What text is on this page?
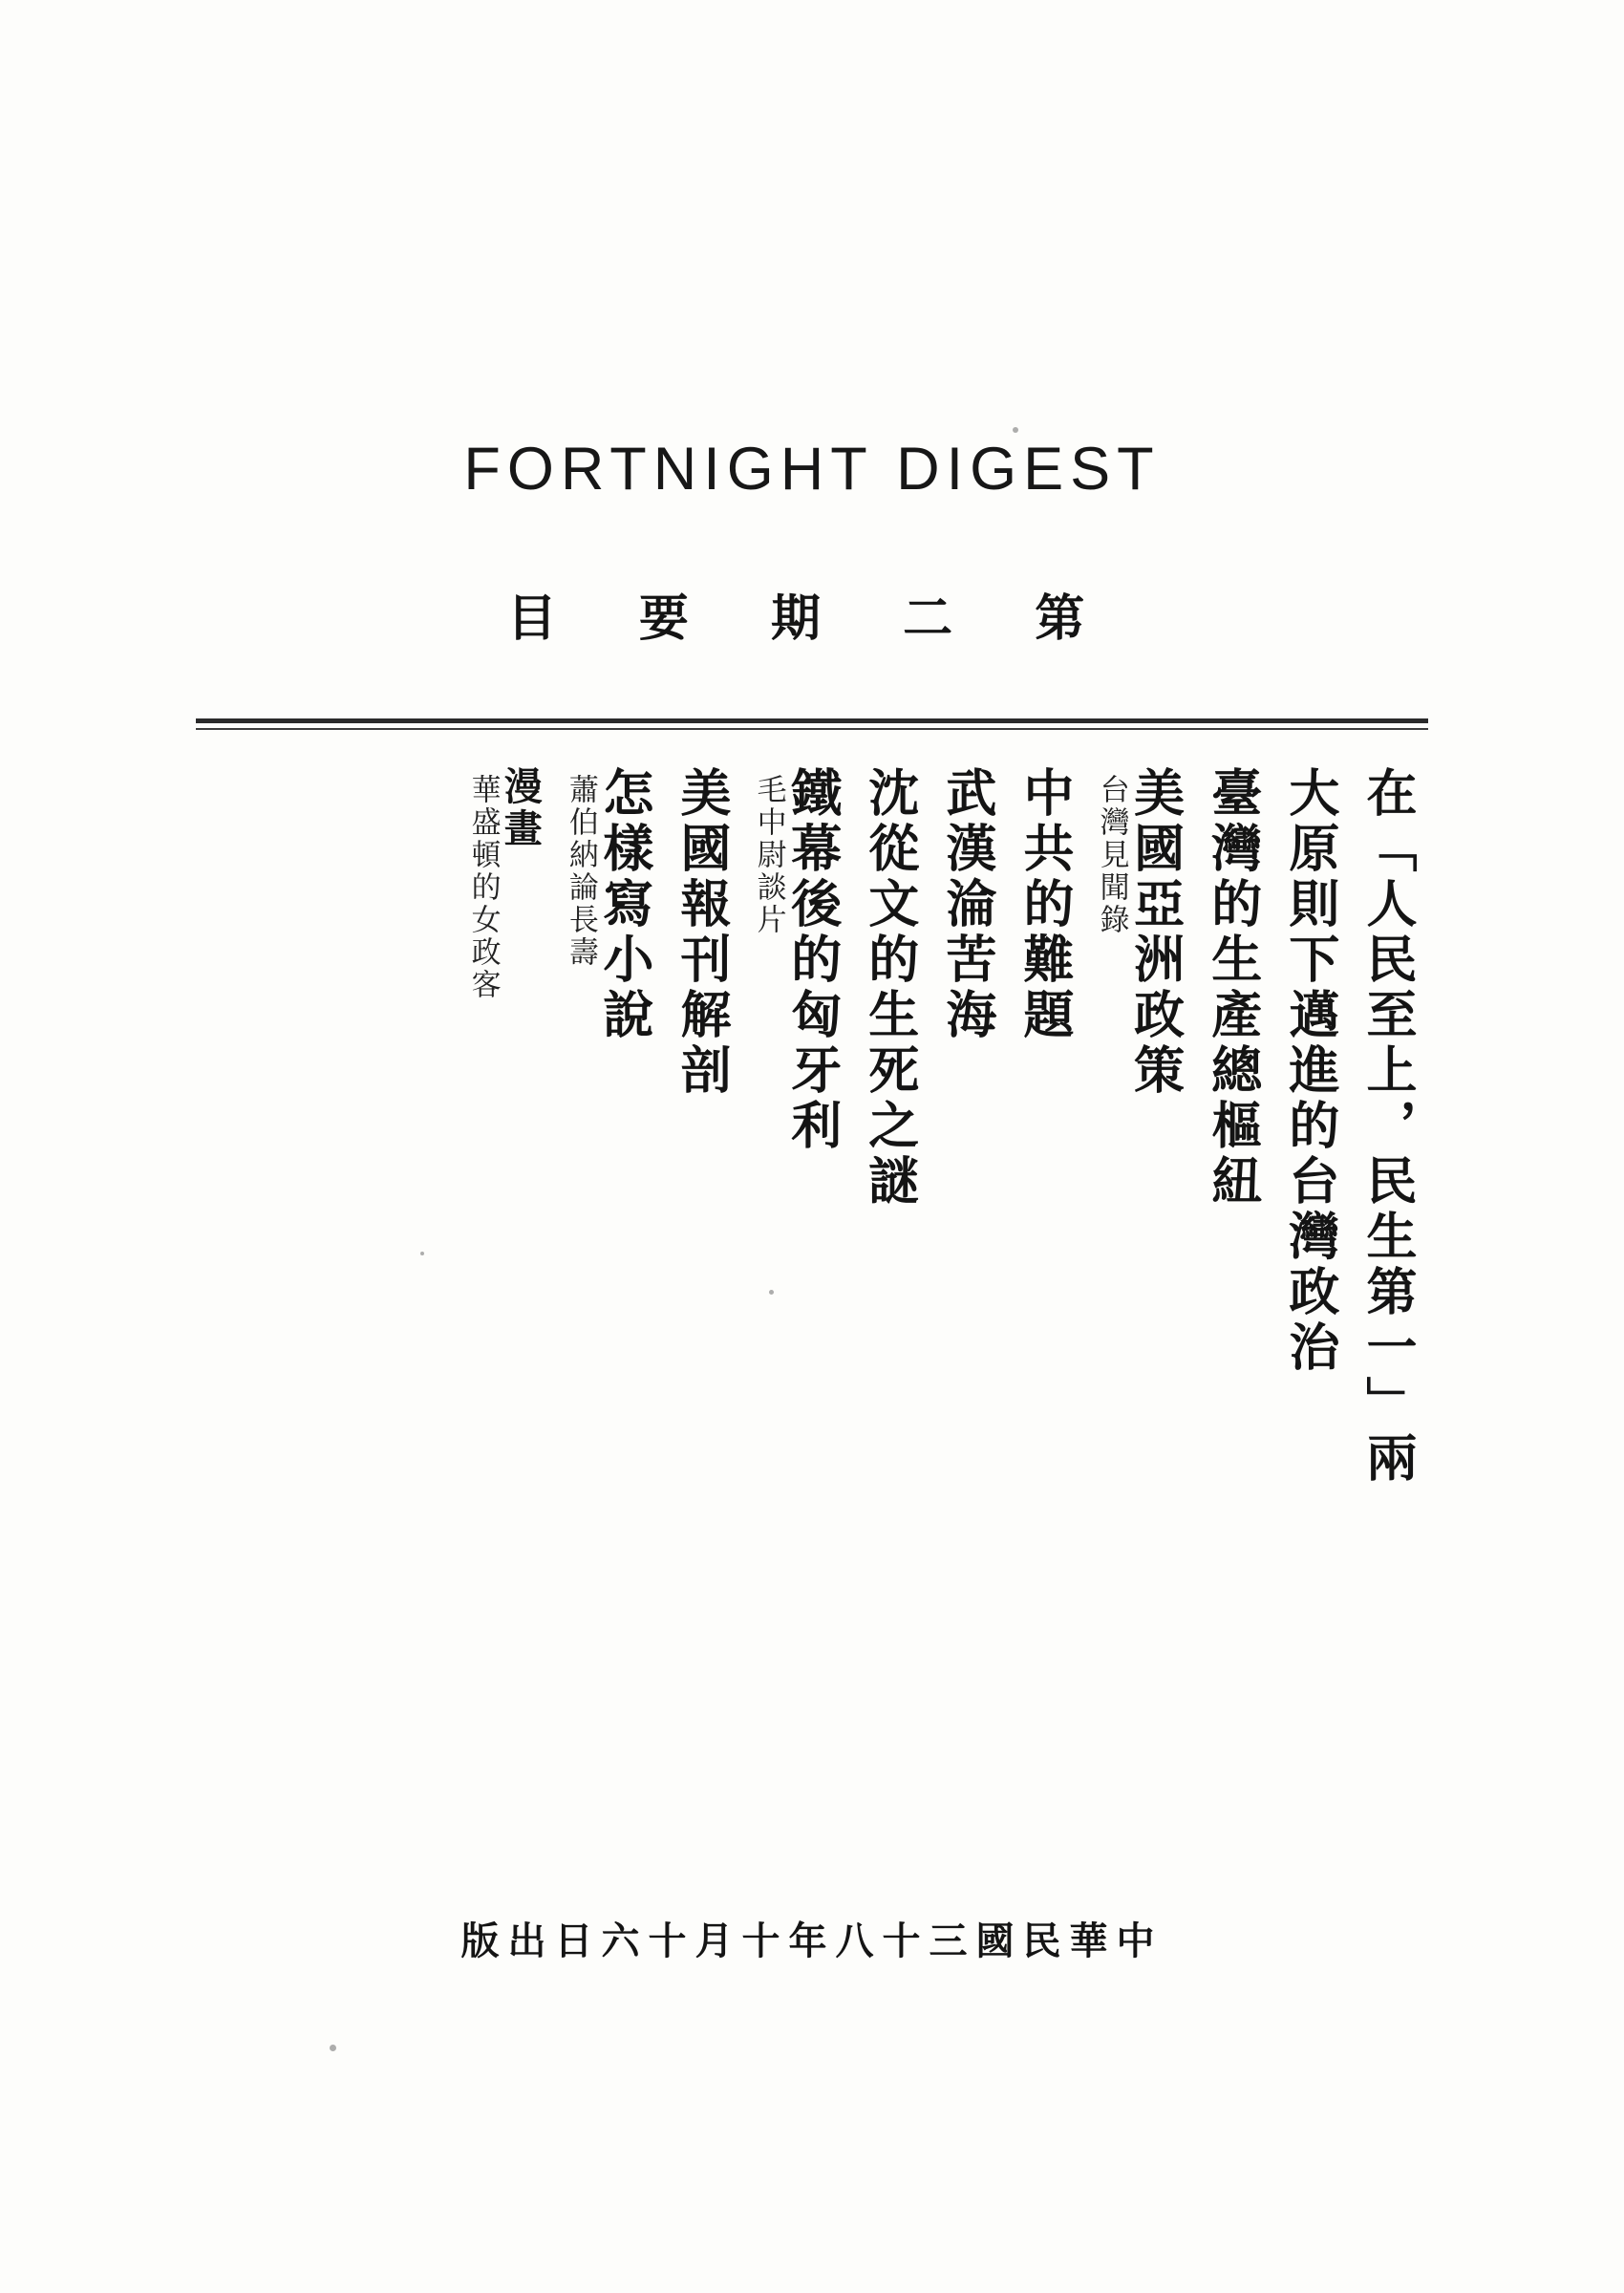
FORTNIGHT DIGEST
第 二 期 要 目
在「人民至上，民生第一」兩
大原則下邁進的台灣政治
臺灣的生產總樞紐
美國亞洲政策
台灣見聞錄
中共的難題
武漢淪苦海
沈從文的生死之謎
鐵幕後的匈牙利
毛中尉談片
美國報刊解剖
怎樣寫小說
蕭伯納論長壽
漫畫
華盛頓的女政客
中華民國三十八年十月十六日出版
